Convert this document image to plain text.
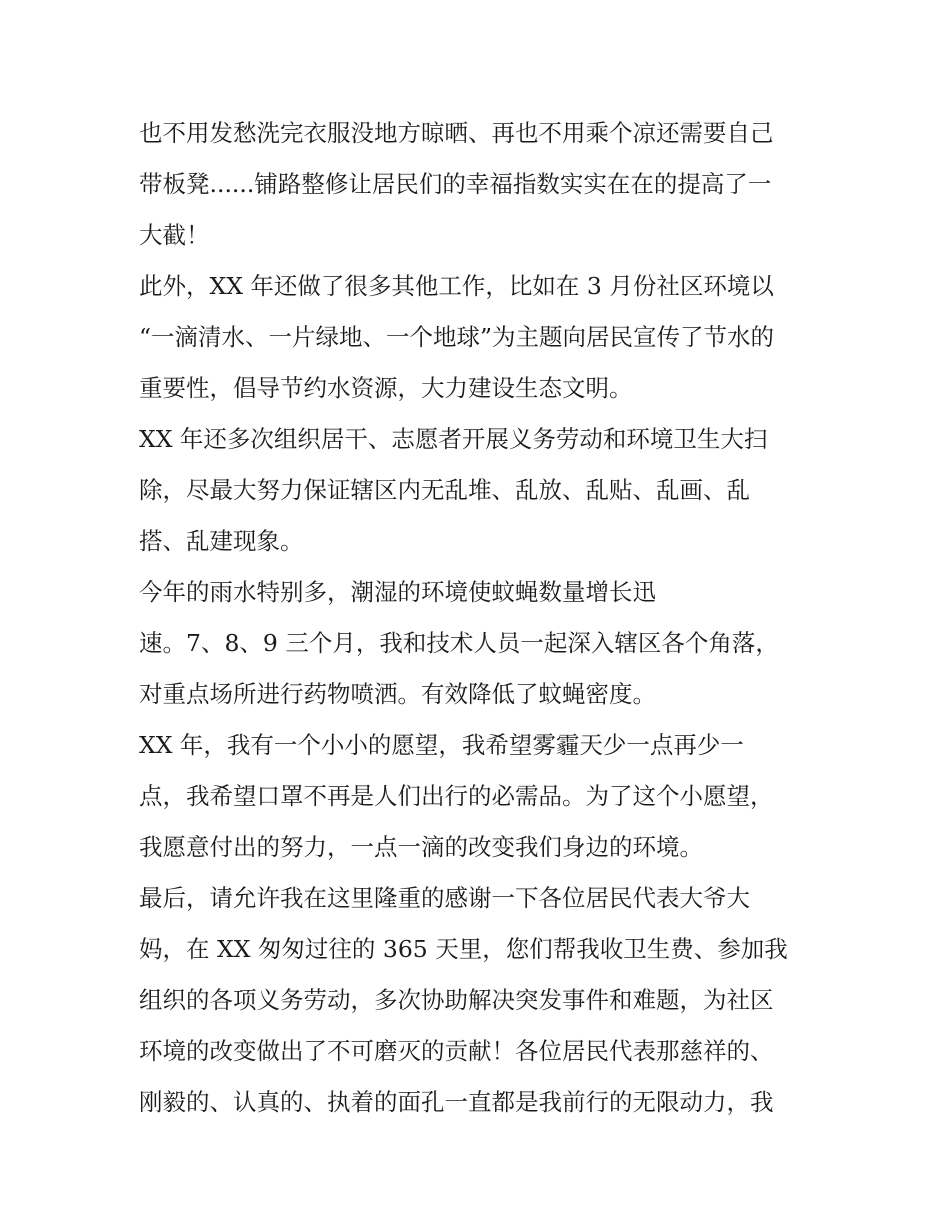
也不用发愁洗完衣服没地方晾晒、再也不用乘个凉还需要自己
带板凳......铺路整修让居民们的幸福指数实实在在的提高了一
大截！
此外，XX 年还做了很多其他工作，比如在 3 月份社区环境以
“一滴清水、一片绿地、一个地球”为主题向居民宣传了节水的
重要性，倡导节约水资源，大力建设生态文明。
XX 年还多次组织居干、志愿者开展义务劳动和环境卫生大扫
除，尽最大努力保证辖区内无乱堆、乱放、乱贴、乱画、乱
搭、乱建现象。
今年的雨水特别多，潮湿的环境使蚊蝇数量增长迅
速。7、8、9 三个月，我和技术人员一起深入辖区各个角落，
对重点场所进行药物喷洒。有效降低了蚊蝇密度。
XX 年，我有一个小小的愿望，我希望雾霾天少一点再少一
点，我希望口罩不再是人们出行的必需品。为了这个小愿望，
我愿意付出的努力，一点一滴的改变我们身边的环境。
最后，请允许我在这里隆重的感谢一下各位居民代表大爷大
妈，在 XX 匆匆过往的 365 天里，您们帮我收卫生费、参加我
组织的各项义务劳动，多次协助解决突发事件和难题，为社区
环境的改变做出了不可磨灭的贡献！各位居民代表那慈祥的、
刚毅的、认真的、执着的面孔一直都是我前行的无限动力，我
